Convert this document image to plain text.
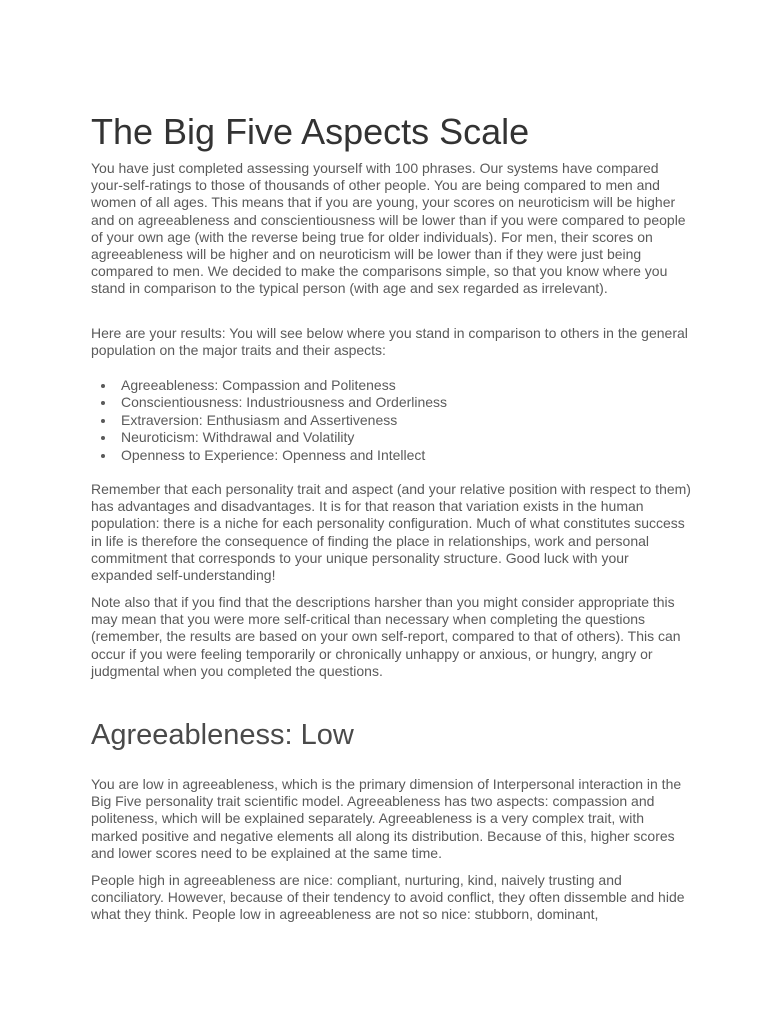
The Big Five Aspects Scale

You have just completed assessing yourself with 100 phrases. Our systems have compared your-self-ratings to those of thousands of other people. You are being compared to men and women of all ages. This means that if you are young, your scores on neuroticism will be higher and on agreeableness and conscientiousness will be lower than if you were compared to people of your own age (with the reverse being true for older individuals). For men, their scores on agreeableness will be higher and on neuroticism will be lower than if they were just being compared to men. We decided to make the comparisons simple, so that you know where you stand in comparison to the typical person (with age and sex regarded as irrelevant).

Here are your results: You will see below where you stand in comparison to others in the general population on the major traits and their aspects:

Agreeableness: Compassion and Politeness
Conscientiousness: Industriousness and Orderliness
Extraversion: Enthusiasm and Assertiveness
Neuroticism: Withdrawal and Volatility
Openness to Experience: Openness and Intellect

Remember that each personality trait and aspect (and your relative position with respect to them) has advantages and disadvantages. It is for that reason that variation exists in the human population: there is a niche for each personality configuration. Much of what constitutes success in life is therefore the consequence of finding the place in relationships, work and personal commitment that corresponds to your unique personality structure. Good luck with your expanded self-understanding!

Note also that if you find that the descriptions harsher than you might consider appropriate this may mean that you were more self-critical than necessary when completing the questions (remember, the results are based on your own self-report, compared to that of others). This can occur if you were feeling temporarily or chronically unhappy or anxious, or hungry, angry or judgmental when you completed the questions.

Agreeableness: Low

You are low in agreeableness, which is the primary dimension of Interpersonal interaction in the Big Five personality trait scientific model. Agreeableness has two aspects: compassion and politeness, which will be explained separately. Agreeableness is a very complex trait, with marked positive and negative elements all along its distribution. Because of this, higher scores and lower scores need to be explained at the same time.

People high in agreeableness are nice: compliant, nurturing, kind, naively trusting and conciliatory. However, because of their tendency to avoid conflict, they often dissemble and hide what they think. People low in agreeableness are not so nice: stubborn, dominant,
